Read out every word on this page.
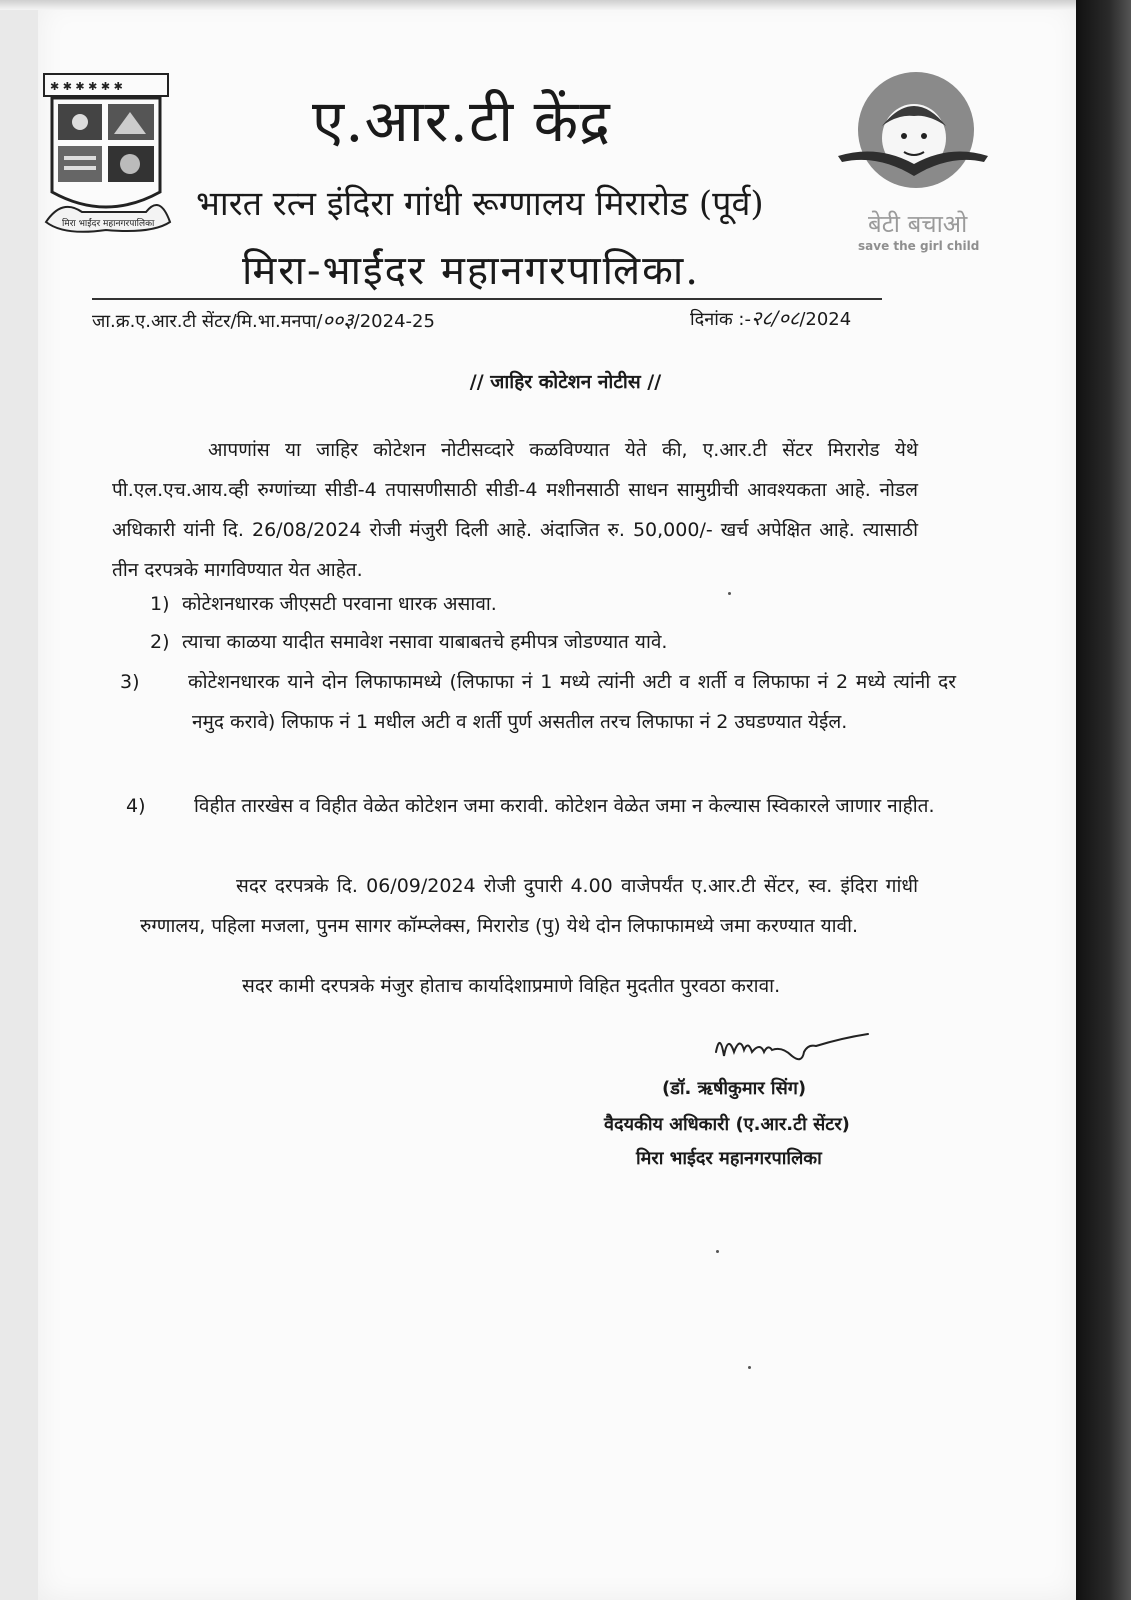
✱ ✱ ✱ ✱ ✱ ✱
मिरा भाईंदर महानगरपालिका	बेटी बचाओ
save the girl child
ए.आर.टी केंद्र
भारत रत्न इंदिरा गांधी रूग्णालय मिरारोड (पूर्व)
मिरा-भाईंदर महानगरपालिका.
जा.क्र.ए.आर.टी सेंटर/मि.भा.मनपा/००३/2024-25	दिनांक :-२८/०८/2024
// जाहिर कोटेशन नोटीस //
आपणांस या जाहिर कोटेशन नोटीसव्दारे कळविण्यात येते की, ए.आर.टी सेंटर मिरारोड येथे पी.एल.एच.आय.व्ही रुग्णांच्या सीडी-4 तपासणीसाठी सीडी-4 मशीनसाठी साधन सामुग्रीची आवश्यकता आहे. नोडल अधिकारी यांनी दि. 26/08/2024 रोजी मंजुरी दिली आहे. अंदाजित रु. 50,000/- खर्च अपेक्षित आहे. त्यासाठी तीन दरपत्रके मागविण्यात येत आहेत.
1) कोटेशनधारक जीएसटी परवाना धारक असावा.
2) त्याचा काळया यादीत समावेश नसावा याबाबतचे हमीपत्र जोडण्यात यावे.
3)	कोटेशनधारक याने दोन लिफाफामध्ये (लिफाफा नं 1 मध्ये त्यांनी अटी व शर्ती व लिफाफा नं 2 मध्ये त्यांनी दर नमुद करावे) लिफाफ नं 1 मधील अटी व शर्ती पुर्ण असतील तरच लिफाफा नं 2 उघडण्यात येईल.
4)	विहीत तारखेस व विहीत वेळेत कोटेशन जमा करावी. कोटेशन वेळेत जमा न केल्यास स्विकारले जाणार नाहीत.
सदर दरपत्रके दि. 06/09/2024 रोजी दुपारी 4.00 वाजेपर्यंत ए.आर.टी सेंटर, स्व. इंदिरा गांधी रुग्णालय, पहिला मजला, पुनम सागर कॉम्प्लेक्स, मिरारोड (पु) येथे दोन लिफाफामध्ये जमा करण्यात यावी.
सदर कामी दरपत्रके मंजुर होताच कार्यादेशाप्रमाणे विहित मुदतीत पुरवठा करावा.
(डॉ. ऋषीकुमार सिंग)
वैदयकीय अधिकारी (ए.आर.टी सेंटर)
मिरा भाईदर महानगरपालिका
